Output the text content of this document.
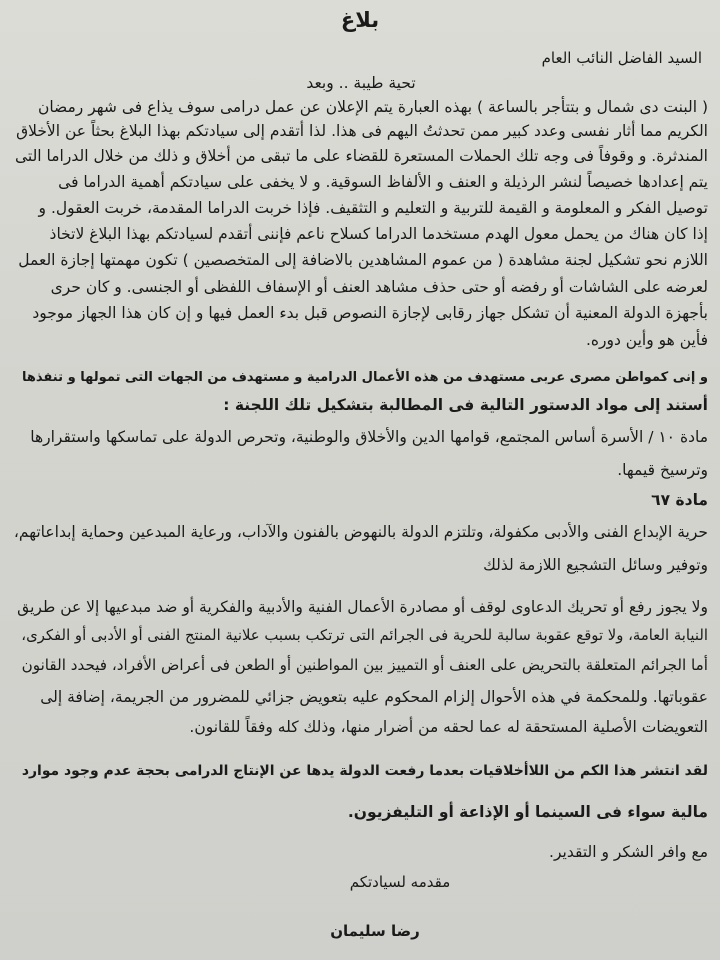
بلاغ
السيد الفاضل النائب العام
تحية طيبة .. وبعد
( البنت دى شمال و بتتأجر بالساعة ) بهذه العبارة يتم الإعلان عن عمل درامى سوف يذاع فى شهر رمضان
الكريم مما أثار نفسى وعدد كبير ممن تحدثتُ اليهم فى هذا. لذا أتقدم إلى سيادتكم بهذا البلاغ بحثاً عن الأخلاق
المندثرة. و وقوفاً فى وجه تلك الحملات المستعرة للقضاء على ما تبقى من أخلاق و ذلك من خلال الدراما التى
يتم إعدادها خصيصاً لنشر الرذيلة و العنف و الألفاظ السوقية. و لا يخفى على سيادتكم أهمية الدراما فى
توصيل الفكر و المعلومة و القيمة للتربية و التعليم و التثقيف. فإذا خربت الدراما المقدمة، خربت العقول. و
إذا كان هناك من يحمل معول الهدم مستخدما الدراما كسلاح ناعم فإننى أتقدم لسيادتكم بهذا البلاغ لاتخاذ
اللازم نحو تشكيل لجنة مشاهدة ( من عموم المشاهدين بالاضافة إلى المتخصصين ) تكون مهمتها إجازة العمل
لعرضه على الشاشات أو رفضه أو حتى حذف مشاهد العنف أو الإسفاف اللفظى أو الجنسى. و كان حرى
بأجهزة الدولة المعنية أن تشكل جهاز رقابى لإجازة النصوص قبل بدء العمل فيها و إن كان هذا الجهاز موجود
فأين هو وأين دوره.
و إنى كمواطن مصرى عربى مستهدف من هذه الأعمال الدرامية و مستهدف من الجهات التى تمولها و تنفذها
أستند إلى مواد الدستور التالية فى المطالبة بتشكيل تلك اللجنة :
مادة ١٠ / الأسرة أساس المجتمع، قوامها الدين والأخلاق والوطنية، وتحرص الدولة على تماسكها واستقرارها
وترسيخ قيمها.
مادة ٦٧
حرية الإبداع الفنى والأدبى مكفولة، وتلتزم الدولة بالنهوض بالفنون والآداب، ورعاية المبدعين وحماية إبداعاتهم،
وتوفير وسائل التشجيع اللازمة لذلك
ولا يجوز رفع أو تحريك الدعاوى لوقف أو مصادرة الأعمال الفنية والأدبية والفكرية أو ضد مبدعيها إلا عن طريق
النيابة العامة، ولا توقع عقوبة سالبة للحرية فى الجرائم التى ترتكب بسبب علانية المنتج الفنى أو الأدبى أو الفكرى،
أما الجرائم المتعلقة بالتحريض على العنف أو التمييز بين المواطنين أو الطعن فى أعراض الأفراد، فيحدد القانون
عقوباتها. وللمحكمة في هذه الأحوال إلزام المحكوم عليه بتعويض جزائي للمضرور من الجريمة، إضافة إلى
التعويضات الأصلية المستحقة له عما لحقه من أضرار منها، وذلك كله وفقاً للقانون.
لقد انتشر هذا الكم من اللاأخلاقيات بعدما رفعت الدولة يدها عن الإنتاج الدرامى بحجة عدم وجود موارد
مالية سواء فى السينما أو الإذاعة أو التليفزيون.
مع وافر الشكر و التقدير.
مقدمه لسيادتكم
رضا سليمان
